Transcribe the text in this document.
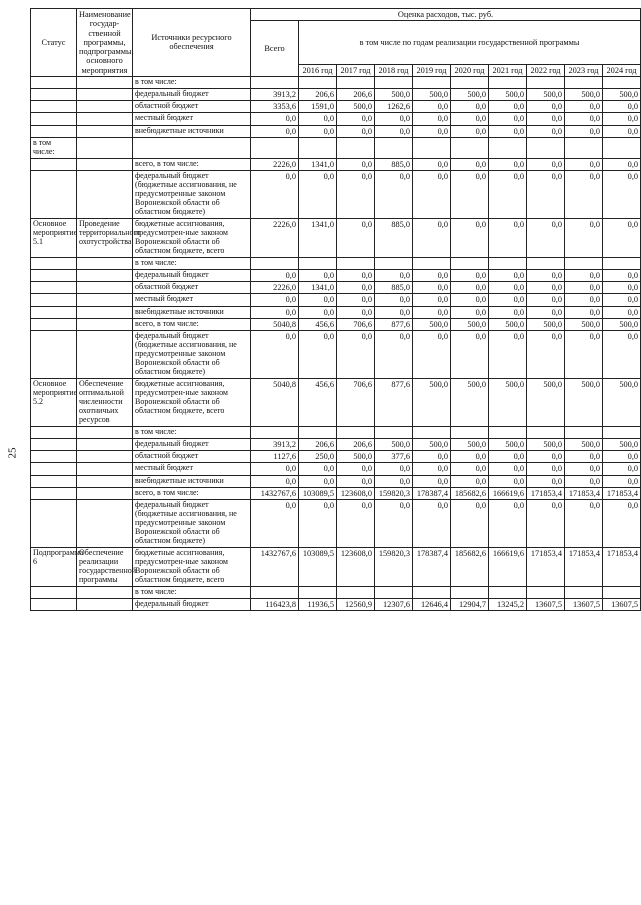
25
Статус	Наименование государ-ственной программы, подпрограммы, основного мероприятия	Источники ресурсного обеспечения	Оценка расходов, тыс. руб.									
			Всего	в том числе по годам реализации государственной программы								
				2016 год	2017 год	2018 год	2019 год	2020 год	2021 год	2022 год	2023 год	2024 год
		в том числе:										
		федеральный бюджет	3913,2	206,6	206,6	500,0	500,0	500,0	500,0	500,0	500,0	500,0
		областной бюджет	3353,6	1591,0	500,0	1262,6	0,0	0,0	0,0	0,0	0,0	0,0
		местный бюджет	0,0	0,0	0,0	0,0	0,0	0,0	0,0	0,0	0,0	0,0
		внебюджетные источники	0,0	0,0	0,0	0,0	0,0	0,0	0,0	0,0	0,0	0,0
в том числе:												
		всего, в том числе:	2226,0	1341,0	0,0	885,0	0,0	0,0	0,0	0,0	0,0	0,0
		федеральный бюджет (бюджетные ассигнования, не предусмотренные законом Воронежской области об областном бюджете)	0,0	0,0	0,0	0,0	0,0	0,0	0,0	0,0	0,0	0,0
Основное мероприятие 5.1	Проведение территориального охотустройства	бюджетные ассигнования, предусмотрен-ные законом Воронежской области об областном бюджете, всего	2226,0	1341,0	0,0	885,0	0,0	0,0	0,0	0,0	0,0	0,0
		в том числе:										
		федеральный бюджет	0,0	0,0	0,0	0,0	0,0	0,0	0,0	0,0	0,0	0,0
		областной бюджет	2226,0	1341,0	0,0	885,0	0,0	0,0	0,0	0,0	0,0	0,0
		местный бюджет	0,0	0,0	0,0	0,0	0,0	0,0	0,0	0,0	0,0	0,0
		внебюджетные источники	0,0	0,0	0,0	0,0	0,0	0,0	0,0	0,0	0,0	0,0
		всего, в том числе:	5040,8	456,6	706,6	877,6	500,0	500,0	500,0	500,0	500,0	500,0
		федеральный бюджет (бюджетные ассигнования, не предусмотренные законом Воронежской области об областном бюджете)	0,0	0,0	0,0	0,0	0,0	0,0	0,0	0,0	0,0	0,0
Основное мероприятие 5.2	Обеспечение оптимальной численности охотничьих ресурсов	бюджетные ассигнования, предусмотрен-ные законом Воронежской области об областном бюджете, всего	5040,8	456,6	706,6	877,6	500,0	500,0	500,0	500,0	500,0	500,0
		в том числе:										
		федеральный бюджет	3913,2	206,6	206,6	500,0	500,0	500,0	500,0	500,0	500,0	500,0
		областной бюджет	1127,6	250,0	500,0	377,6	0,0	0,0	0,0	0,0	0,0	0,0
		местный бюджет	0,0	0,0	0,0	0,0	0,0	0,0	0,0	0,0	0,0	0,0
		внебюджетные источники	0,0	0,0	0,0	0,0	0,0	0,0	0,0	0,0	0,0	0,0
		всего, в том числе:	1432767,6	103089,5	123608,0	159820,3	178387,4	185682,6	166619,6	171853,4	171853,4	171853,4
		федеральный бюджет (бюджетные ассигнования, не предусмотренные законом Воронежской области об областном бюджете)	0,0	0,0	0,0	0,0	0,0	0,0	0,0	0,0	0,0	0,0
Подпрограмма 6	Обеспечение реализации государственной программы	бюджетные ассигнования, предусмотрен-ные законом Воронежской области об областном бюджете, всего	1432767,6	103089,5	123608,0	159820,3	178387,4	185682,6	166619,6	171853,4	171853,4	171853,4
		в том числе:										
		федеральный бюджет	116423,8	11936,5	12560,9	12307,6	12646,4	12904,7	13245,2	13607,5	13607,5	13607,5
